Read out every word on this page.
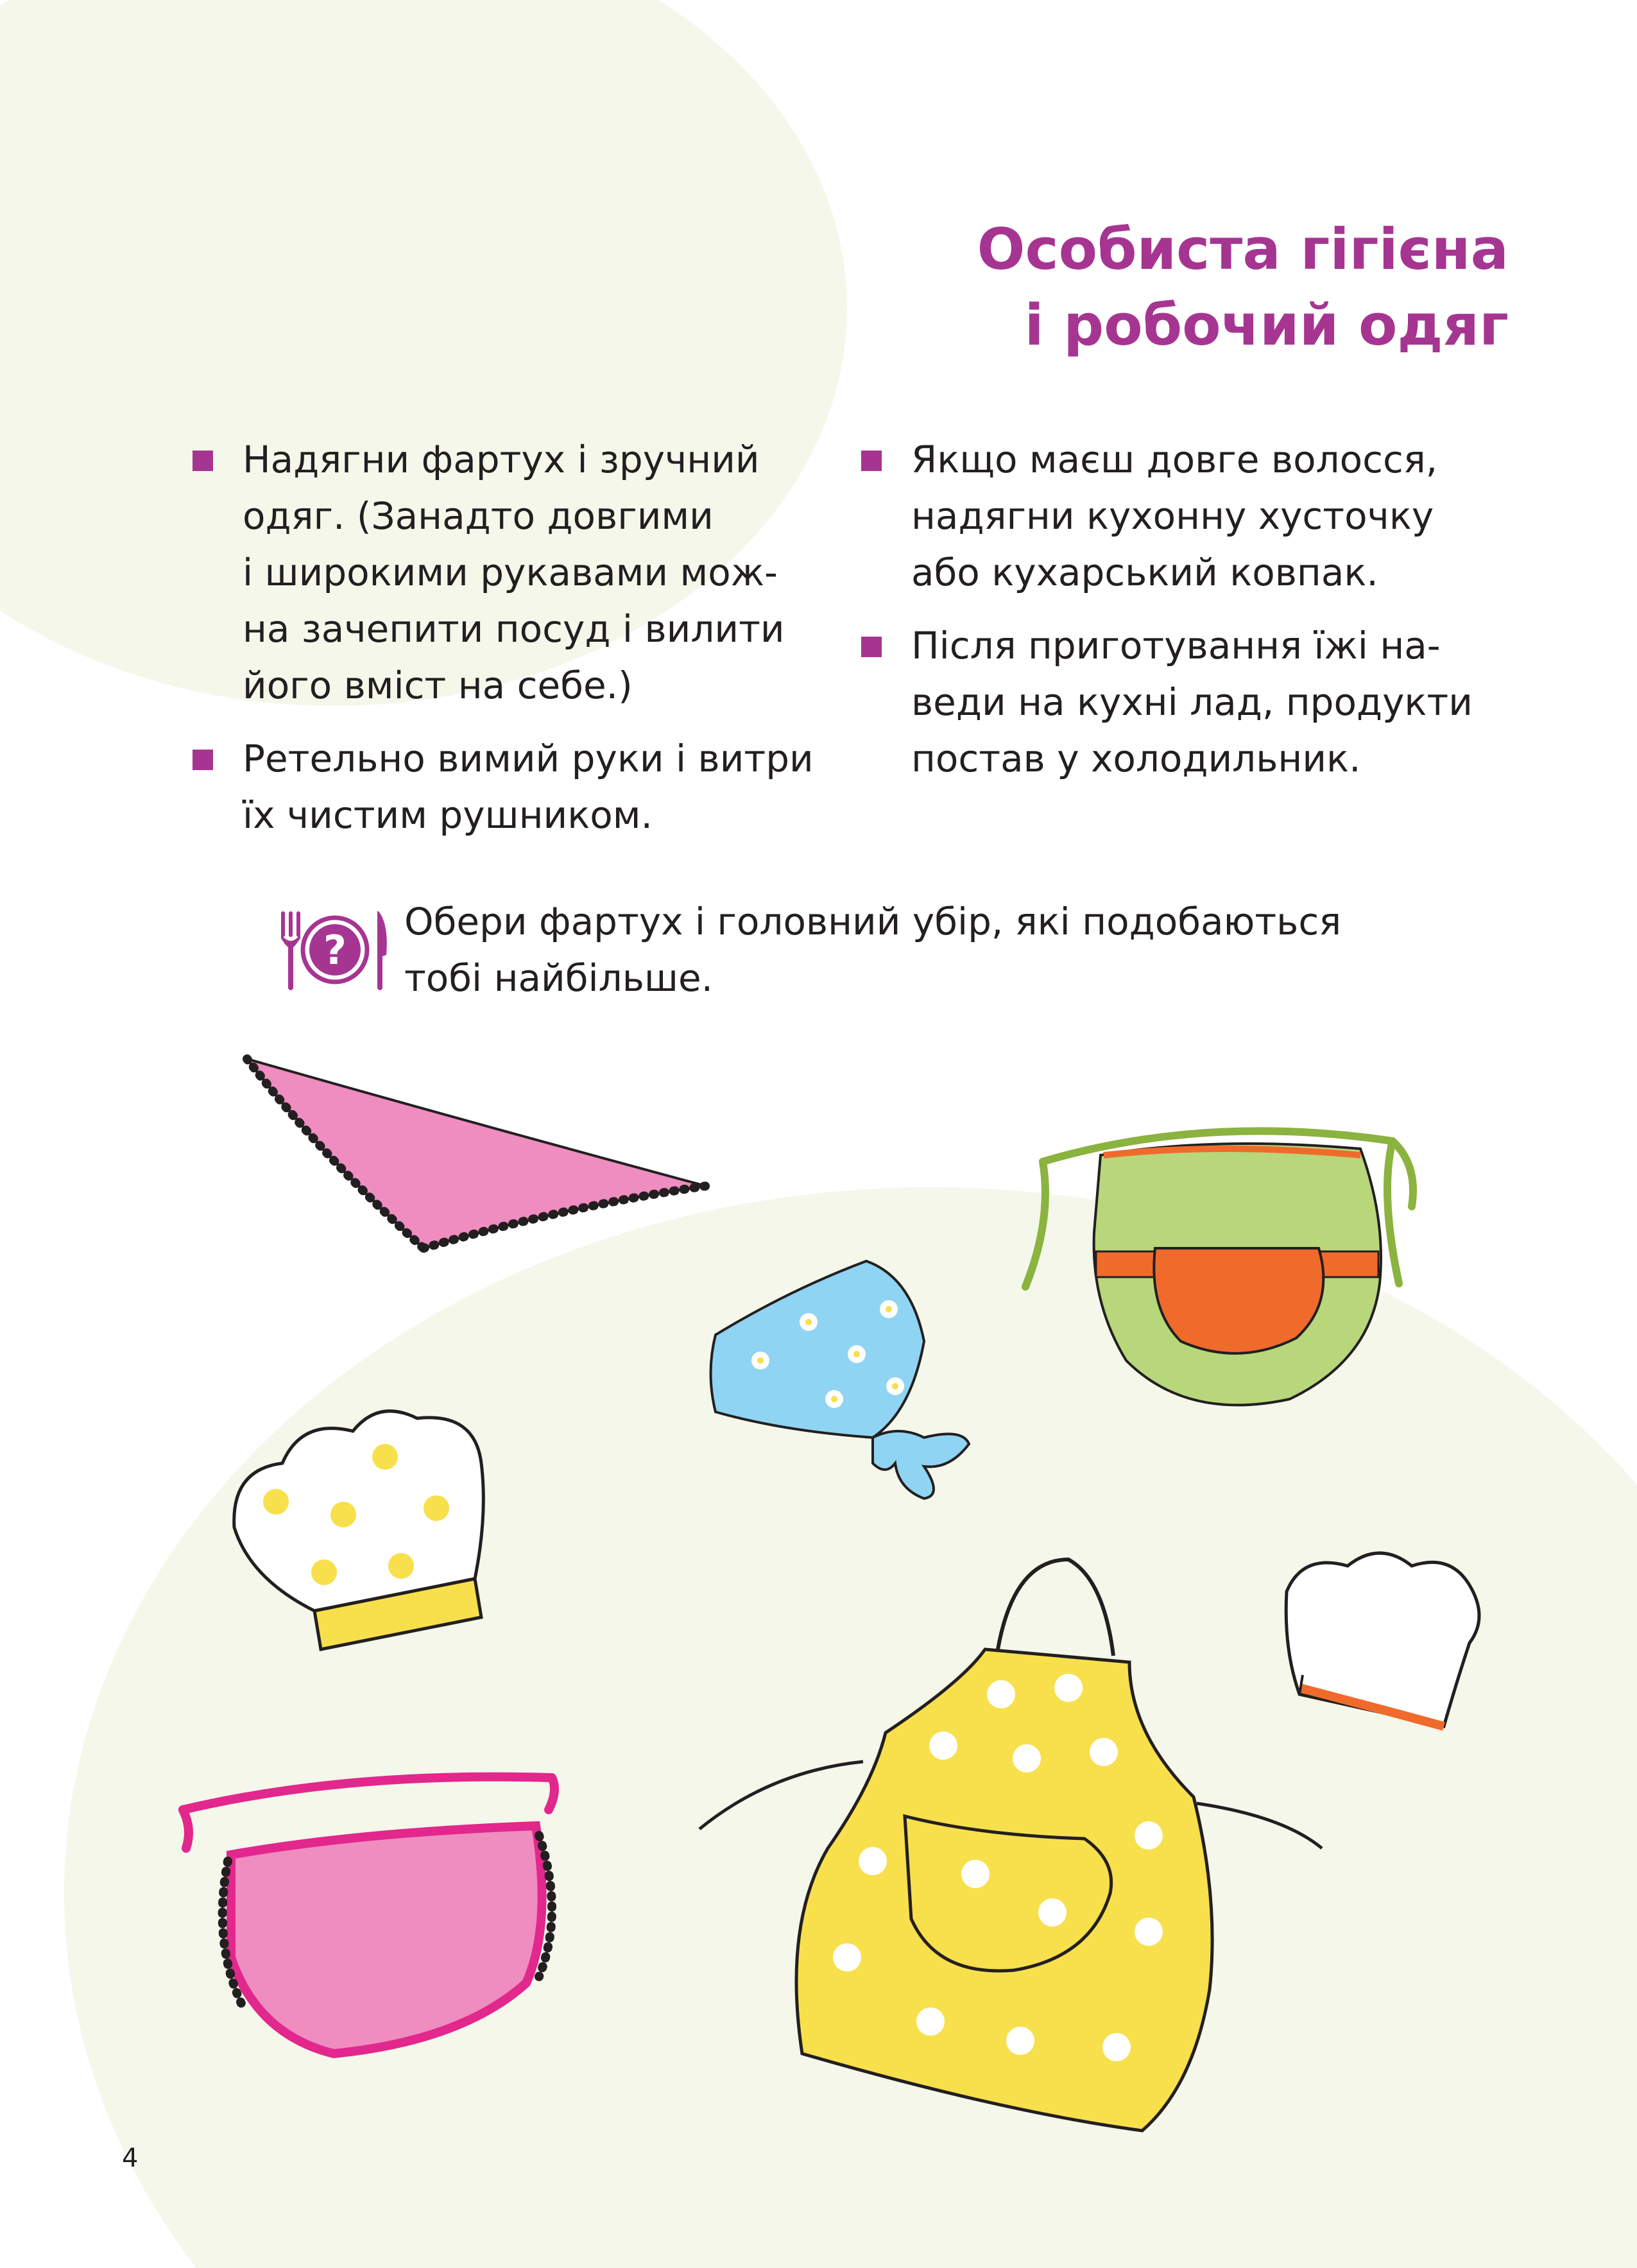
Особиста гігієна
і робочий одяг
Надягни фартух і зручний
одяг. (Занадто довгими
і широкими рукавами мож-
на зачепити посуд і вилити
його вміст на себе.)
Ретельно вимий руки і витри
їх чистим рушником.
Якщо маєш довге волосся,
надягни кухонну хусточку
або кухарський ковпак.
Після приготування їжі на-
веди на кухні лад, продукти
постав у холодильник.
?
Обери фартух і головний убір, які подобаються
тобі найбільше.
4
